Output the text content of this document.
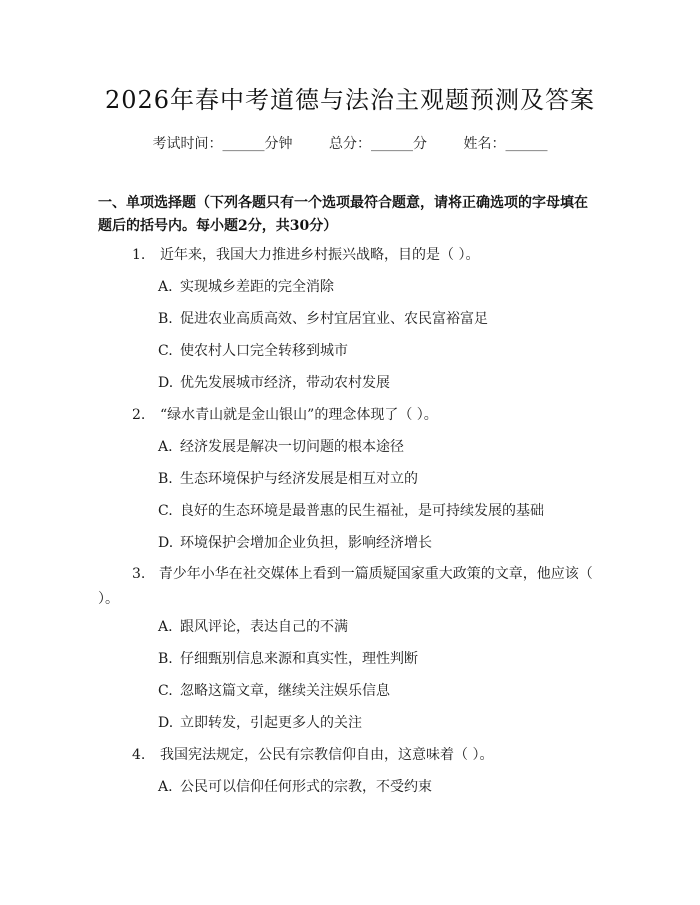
2026年春中考道德与法治主观题预测及答案
考试时间：______分钟	总分：______分	姓名：______
一、单项选择题（下列各题只有一个选项最符合题意，请将正确选项的字母填在题后的括号内。每小题2分，共30分）
1. 近年来，我国大力推进乡村振兴战略，目的是（ ）。
A. 实现城乡差距的完全消除
B. 促进农业高质高效、乡村宜居宜业、农民富裕富足
C. 使农村人口完全转移到城市
D. 优先发展城市经济，带动农村发展
2. “绿水青山就是金山银山”的理念体现了（ ）。
A. 经济发展是解决一切问题的根本途径
B. 生态环境保护与经济发展是相互对立的
C. 良好的生态环境是最普惠的民生福祉，是可持续发展的基础
D. 环境保护会增加企业负担，影响经济增长
3. 青少年小华在社交媒体上看到一篇质疑国家重大政策的文章，他应该（ ）。
A. 跟风评论，表达自己的不满
B. 仔细甄别信息来源和真实性，理性判断
C. 忽略这篇文章，继续关注娱乐信息
D. 立即转发，引起更多人的关注
4. 我国宪法规定，公民有宗教信仰自由，这意味着（ ）。
A. 公民可以信仰任何形式的宗教，不受约束
